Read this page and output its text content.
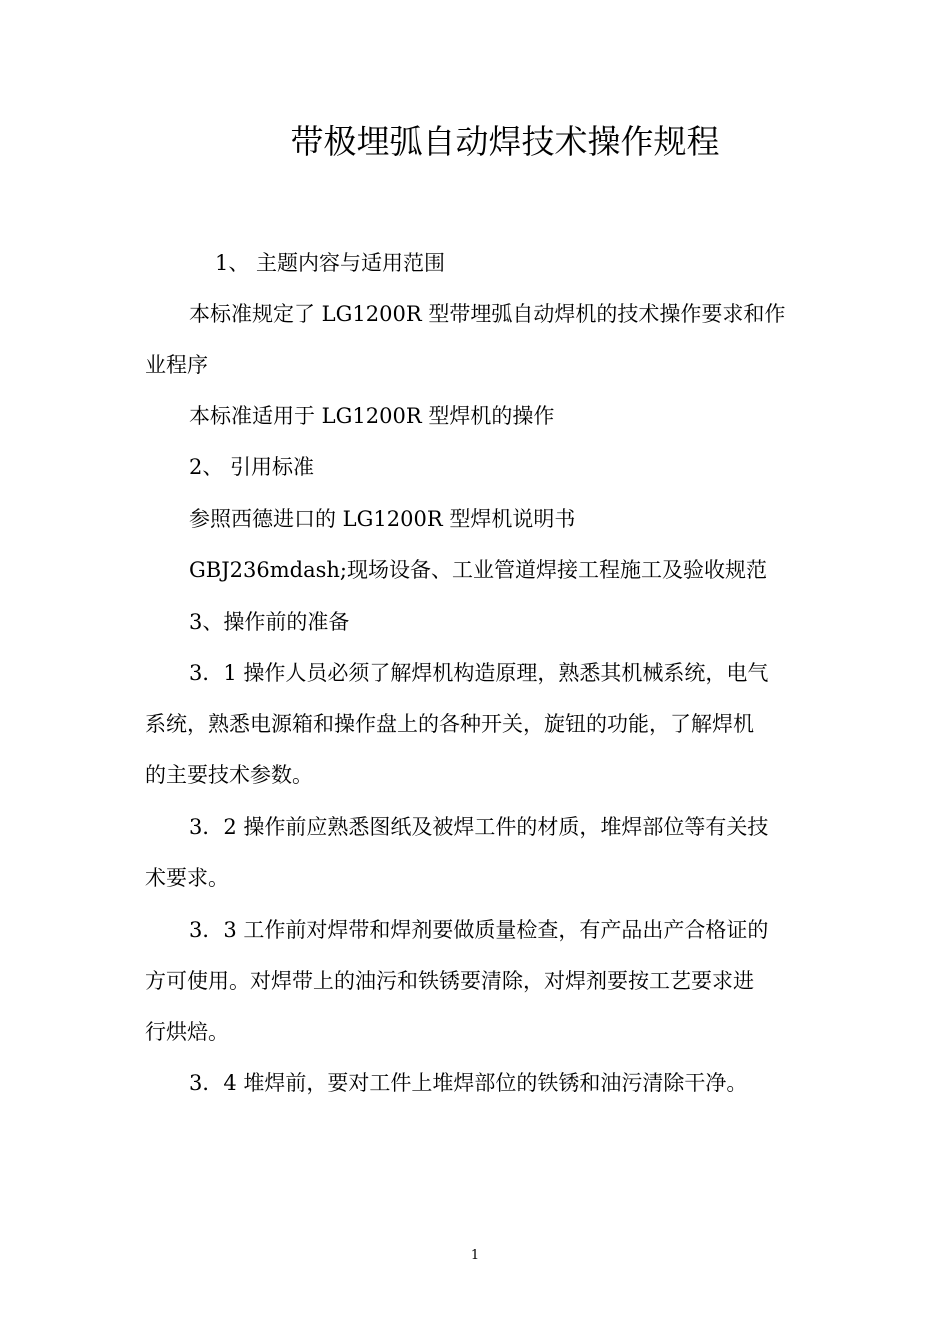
带极埋弧自动焊技术操作规程
1、 主题内容与适用范围
本标准规定了 LG1200R 型带埋弧自动焊机的技术操作要求和作
业程序
本标准适用于 LG1200R 型焊机的操作
2、 引用标准
参照西德进口的 LG1200R 型焊机说明书
GBJ236mdash;现场设备、工业管道焊接工程施工及验收规范
3、操作前的准备
3．1 操作人员必须了解焊机构造原理，熟悉其机械系统，电气
系统，熟悉电源箱和操作盘上的各种开关，旋钮的功能，了解焊机
的主要技术参数。
3．2 操作前应熟悉图纸及被焊工件的材质，堆焊部位等有关技
术要求。
3．3 工作前对焊带和焊剂要做质量检查，有产品出产合格证的
方可使用。对焊带上的油污和铁锈要清除，对焊剂要按工艺要求进
行烘焙。
3．4 堆焊前，要对工件上堆焊部位的铁锈和油污清除干净。
1
